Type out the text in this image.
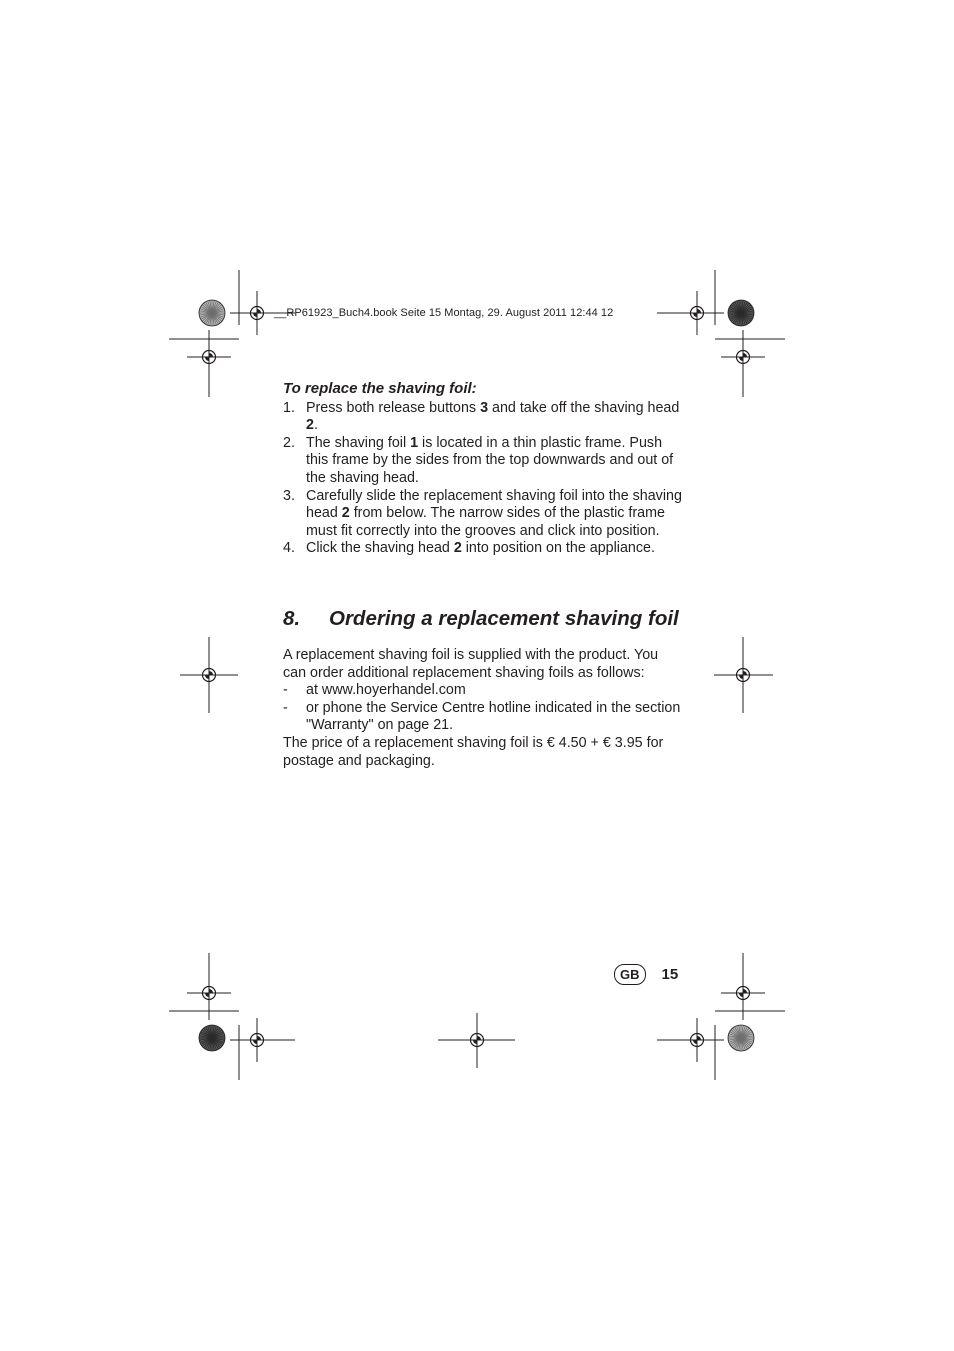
__RP61923_Buch4.book Seite 15 Montag, 29. August 2011 12:44 12
To replace the shaving foil:
1. Press both release buttons 3 and take off the shaving head 2.
2. The shaving foil 1 is located in a thin plastic frame. Push this frame by the sides from the top downwards and out of the shaving head.
3. Carefully slide the replacement shaving foil into the shaving head 2 from below. The narrow sides of the plastic frame must fit correctly into the grooves and click into position.
4. Click the shaving head 2 into position on the appliance.
8.	Ordering a replacement shaving foil

A replacement shaving foil is supplied with the product. You can order additional replacement shaving foils as follows:

- at www.hoyerhandel.com
- or phone the Service Centre hotline indicated in the section "Warranty" on page 21.

The price of a replacement shaving foil is € 4.50 + € 3.95 for postage and packaging.

GB	15
